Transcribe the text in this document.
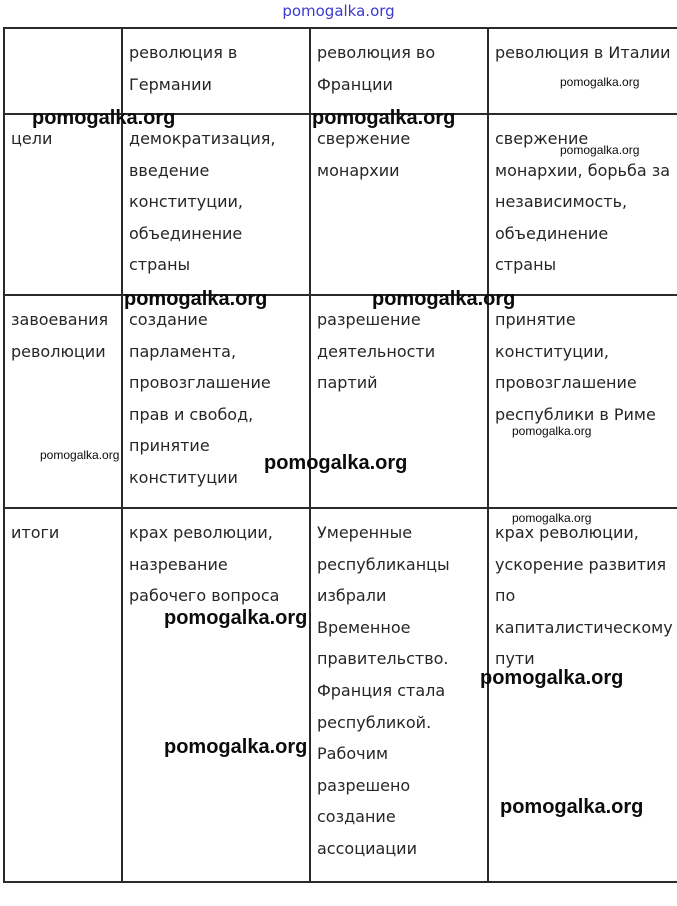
pomogalka.org
	революция в Германии	революция во Франции	революция в Италии
цели	демократизация, введение конституции, объединение страны	свержение монархии	свержение монархии, борьба за независимость, объединение страны
завоевания революции	создание парламента, провозглашение прав и свобод, принятие конституции	разрешение деятельности партий	принятие конституции, провозглашение республики в Риме
итоги	крах революции, назревание рабочего вопроса	Умеренные республиканцы избрали Временное правительство. Франция стала республикой. Рабочим разрешено создание ассоциации	крах революции, ускорение развития по капиталистическому пути
pomogalka.org
pomogalka.org	pomogalka.org
pomogalka.org
pomogalka.org	pomogalka.org
pomogalka.org
pomogalka.org	pomogalka.org
pomogalka.org
pomogalka.org
pomogalka.org
pomogalka.org
pomogalka.org
